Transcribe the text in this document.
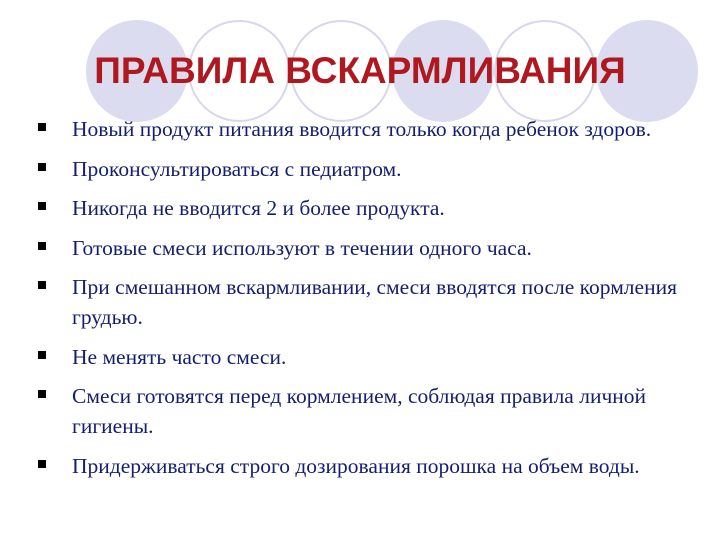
ПРАВИЛА ВСКАРМЛИВАНИЯ
Новый продукт питания вводится только когда ребенок здоров.
Проконсультироваться с педиатром.
Никогда не вводится 2 и более продукта.
Готовые смеси используют в течении одного часа.
При смешанном вскармливании, смеси вводятся после кормления грудью.
Не менять часто смеси.
Смеси готовятся перед кормлением, соблюдая правила личной гигиены.
Придерживаться строго дозирования порошка на объем воды.
